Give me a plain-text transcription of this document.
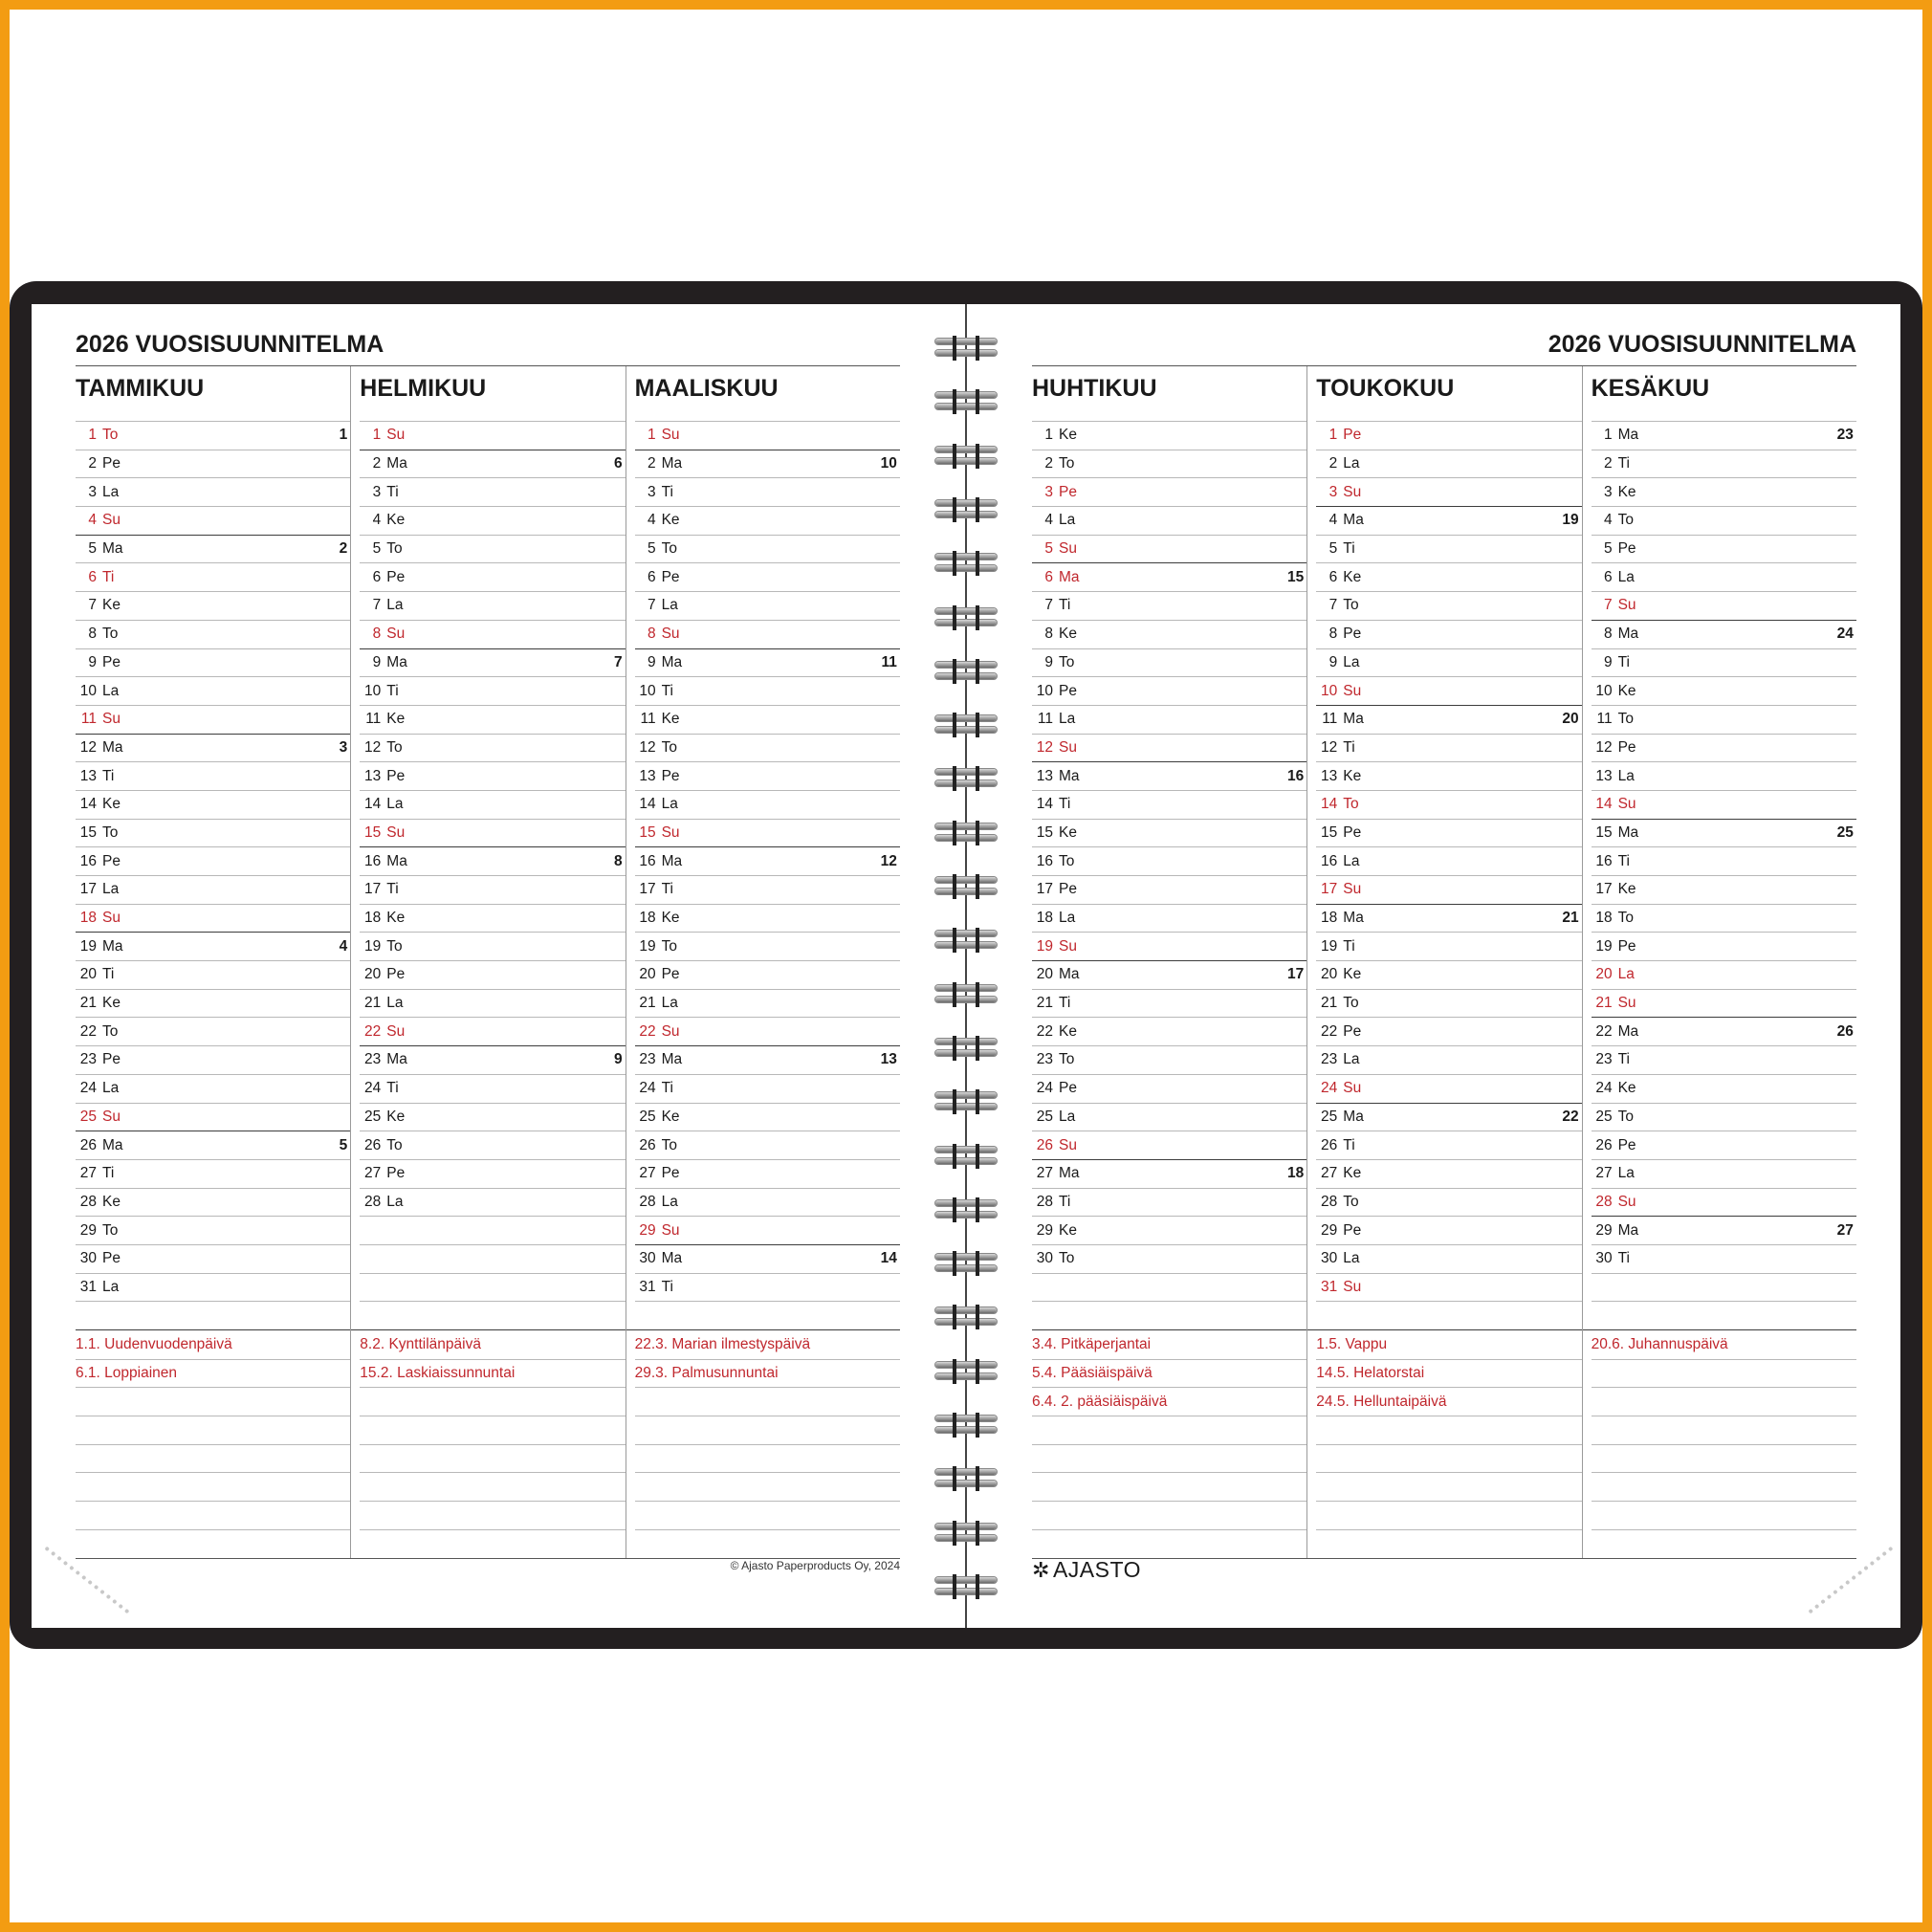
2026 VUOSISUUNNITELMA
TAMMIKUU
1 To	1
2 Pe
3 La
4 Su
5 Ma	2
6 Ti
7 Ke
8 To
9 Pe
10 La
11 Su
12 Ma	3
13 Ti
14 Ke
15 To
16 Pe
17 La
18 Su
19 Ma	4
20 Ti
21 Ke
22 To
23 Pe
24 La
25 Su
26 Ma	5
27 Ti
28 Ke
29 To
30 Pe
31 La
1.1. Uudenvuodenpäivä
6.1. Loppiainen
HELMIKUU
1 Su
2 Ma	6
3 Ti
4 Ke
5 To
6 Pe
7 La
8 Su
9 Ma	7
10 Ti
11 Ke
12 To
13 Pe
14 La
15 Su
16 Ma	8
17 Ti
18 Ke
19 To
20 Pe
21 La
22 Su
23 Ma	9
24 Ti
25 Ke
26 To
27 Pe
28 La
8.2. Kynttilänpäivä
15.2. Laskiaissunnuntai
MAALISKUU
1 Su
2 Ma	10
3 Ti
4 Ke
5 To
6 Pe
7 La
8 Su
9 Ma	11
10 Ti
11 Ke
12 To
13 Pe
14 La
15 Su
16 Ma	12
17 Ti
18 Ke
19 To
20 Pe
21 La
22 Su
23 Ma	13
24 Ti
25 Ke
26 To
27 Pe
28 La
29 Su
30 Ma	14
31 Ti
22.3. Marian ilmestyspäivä
29.3. Palmusunnuntai
2026 VUOSISUUNNITELMA
HUHTIKUU
1 Ke
2 To
3 Pe
4 La
5 Su
6 Ma	15
7 Ti
8 Ke
9 To
10 Pe
11 La
12 Su
13 Ma	16
14 Ti
15 Ke
16 To
17 Pe
18 La
19 Su
20 Ma	17
21 Ti
22 Ke
23 To
24 Pe
25 La
26 Su
27 Ma	18
28 Ti
29 Ke
30 To
3.4. Pitkäperjantai
5.4. Pääsiäispäivä
6.4. 2. pääsiäispäivä
TOUKOKUU
1 Pe
2 La
3 Su
4 Ma	19
5 Ti
6 Ke
7 To
8 Pe
9 La
10 Su
11 Ma	20
12 Ti
13 Ke
14 To
15 Pe
16 La
17 Su
18 Ma	21
19 Ti
20 Ke
21 To
22 Pe
23 La
24 Su
25 Ma	22
26 Ti
27 Ke
28 To
29 Pe
30 La
31 Su
1.5. Vappu
14.5. Helatorstai
24.5. Helluntaipäivä
KESÄKUU
1 Ma	23
2 Ti
3 Ke
4 To
5 Pe
6 La
7 Su
8 Ma	24
9 Ti
10 Ke
11 To
12 Pe
13 La
14 Su
15 Ma	25
16 Ti
17 Ke
18 To
19 Pe
20 La
21 Su
22 Ma	26
23 Ti
24 Ke
25 To
26 Pe
27 La
28 Su
29 Ma	27
30 Ti
20.6. Juhannuspäivä
© Ajasto Paperproducts Oy, 2024	✲ AJASTO
